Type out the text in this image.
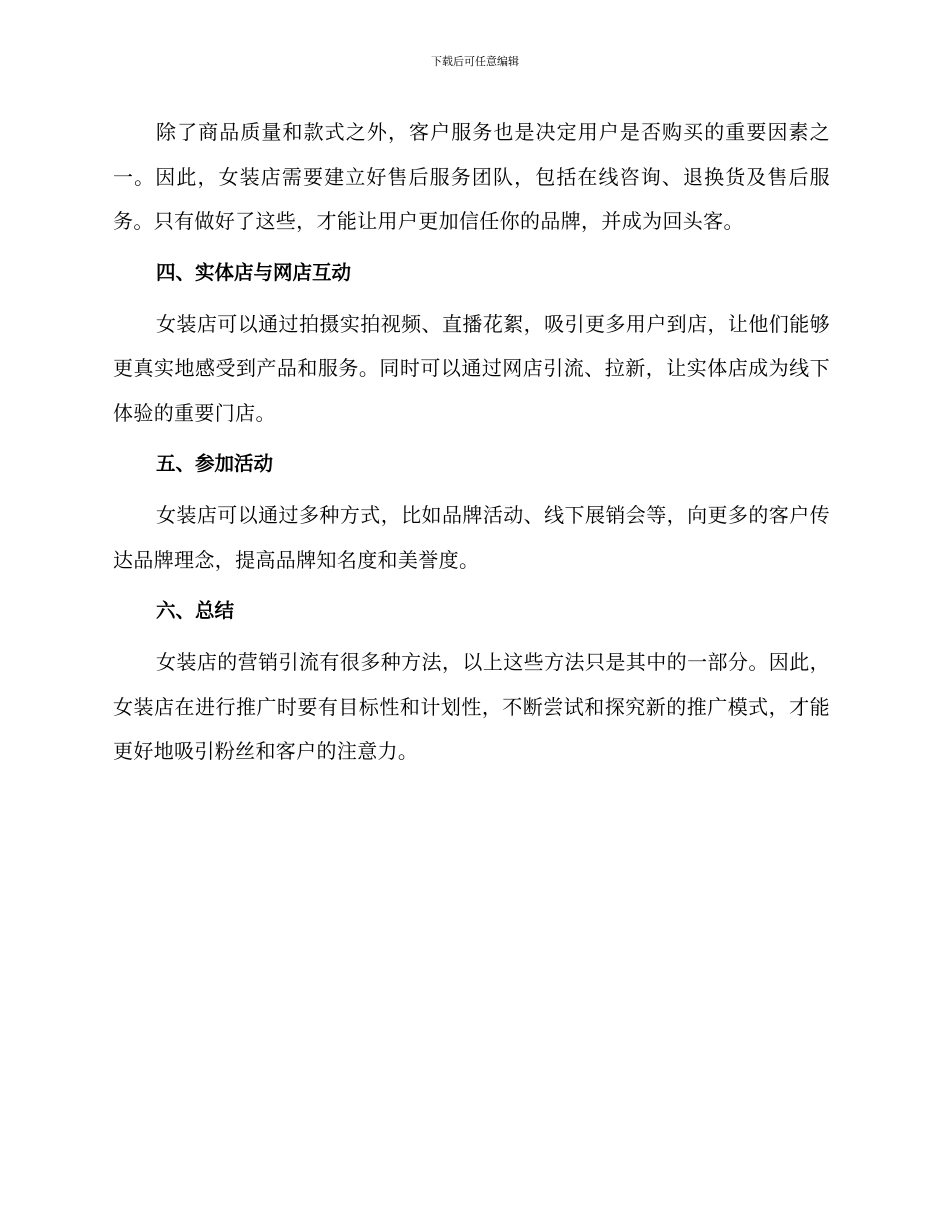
下载后可任意编辑

除了商品质量和款式之外，客户服务也是决定用户是否购买的重要因素之一。因此，女装店需要建立好售后服务团队，包括在线咨询、退换货及售后服务。只有做好了这些，才能让用户更加信任你的品牌，并成为回头客。

四、实体店与网店互动

女装店可以通过拍摄实拍视频、直播花絮，吸引更多用户到店，让他们能够更真实地感受到产品和服务。同时可以通过网店引流、拉新，让实体店成为线下体验的重要门店。

五、参加活动

女装店可以通过多种方式，比如品牌活动、线下展销会等，向更多的客户传达品牌理念，提高品牌知名度和美誉度。

六、总结

女装店的营销引流有很多种方法，以上这些方法只是其中的一部分。因此，女装店在进行推广时要有目标性和计划性，不断尝试和探究新的推广模式，才能更好地吸引粉丝和客户的注意力。
